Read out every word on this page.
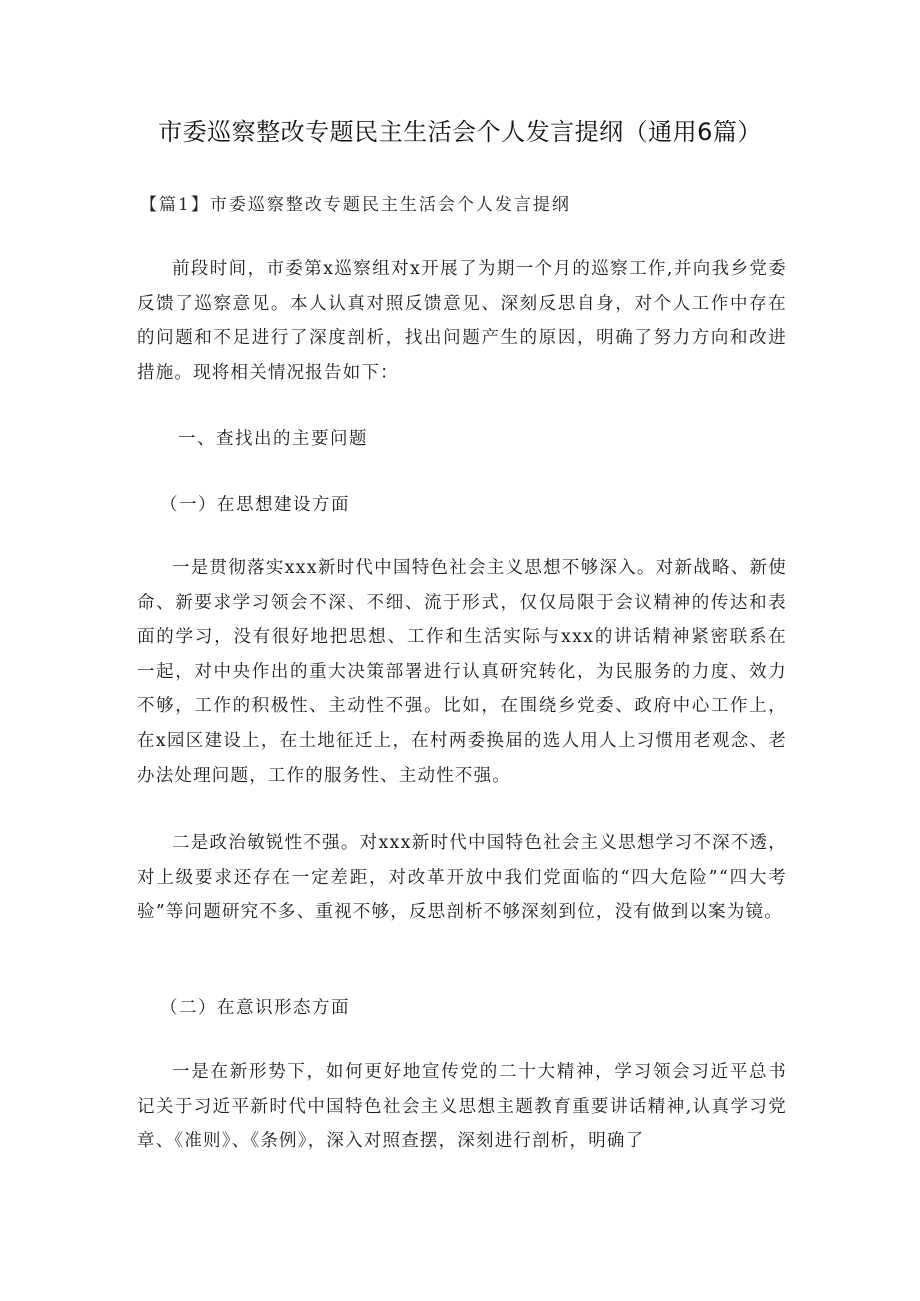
市委巡察整改专题民主生活会个人发言提纲（通用6篇）
【篇1】市委巡察整改专题民主生活会个人发言提纲

前段时间，市委第x巡察组对x开展了为期一个月的巡察工作,并向我乡党委反馈了巡察意见。本人认真对照反馈意见、深刻反思自身，对个人工作中存在的问题和不足进行了深度剖析，找出问题产生的原因，明确了努力方向和改进措施。现将相关情况报告如下：

一、查找出的主要问题
（一）在思想建设方面

一是贯彻落实xxx新时代中国特色社会主义思想不够深入。对新战略、新使命、新要求学习领会不深、不细、流于形式，仅仅局限于会议精神的传达和表面的学习，没有很好地把思想、工作和生活实际与xxx的讲话精神紧密联系在一起，对中央作出的重大决策部署进行认真研究转化，为民服务的力度、效力不够，工作的积极性、主动性不强。比如，在围绕乡党委、政府中心工作上，在x园区建设上，在土地征迁上，在村两委换届的选人用人上习惯用老观念、老办法处理问题，工作的服务性、主动性不强。

二是政治敏锐性不强。对xxx新时代中国特色社会主义思想学习不深不透，对上级要求还存在一定差距，对改革开放中我们党面临的“四大危险”“四大考验”等问题研究不多、重视不够，反思剖析不够深刻到位，没有做到以案为镜。

（二）在意识形态方面

一是在新形势下，如何更好地宣传党的二十大精神，学习领会习近平总书记关于习近平新时代中国特色社会主义思想主题教育重要讲话精神,认真学习党章、《准则》、《条例》，深入对照查摆，深刻进行剖析，明确了
